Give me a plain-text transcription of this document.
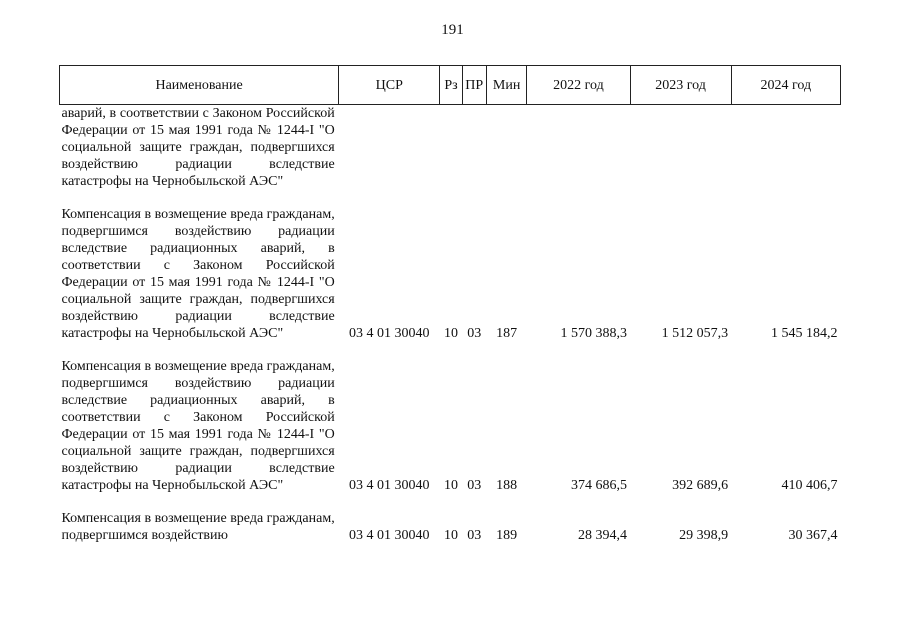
191
Наименование	ЦСР	Рз	ПР	Мин	2022 год	2023 год	2024 год
аварий, в соответствии с Законом Российской Федерации от 15 мая 1991 года № 1244-I "О социальной защите граждан, подвергшихся воздействию радиации вследствие катастрофы на Чернобыльской АЭС"							
Компенсация в возмещение вреда гражданам, подвергшимся воздействию радиации вследствие радиационных аварий, в соответствии с Законом Российской Федерации от 15 мая 1991 года № 1244-I "О социальной защите граждан, подвергшихся воздействию радиации вследствие катастрофы на Чернобыльской АЭС"	03 4 01 30040	10	03	187	1 570 388,3	1 512 057,3	1 545 184,2
Компенсация в возмещение вреда гражданам, подвергшимся воздействию радиации вследствие радиационных аварий, в соответствии с Законом Российской Федерации от 15 мая 1991 года № 1244-I "О социальной защите граждан, подвергшихся воздействию радиации вследствие катастрофы на Чернобыльской АЭС"	03 4 01 30040	10	03	188	374 686,5	392 689,6	410 406,7
Компенсация в возмещение вреда гражданам, подвергшимся воздействию	03 4 01 30040	10	03	189	28 394,4	29 398,9	30 367,4
